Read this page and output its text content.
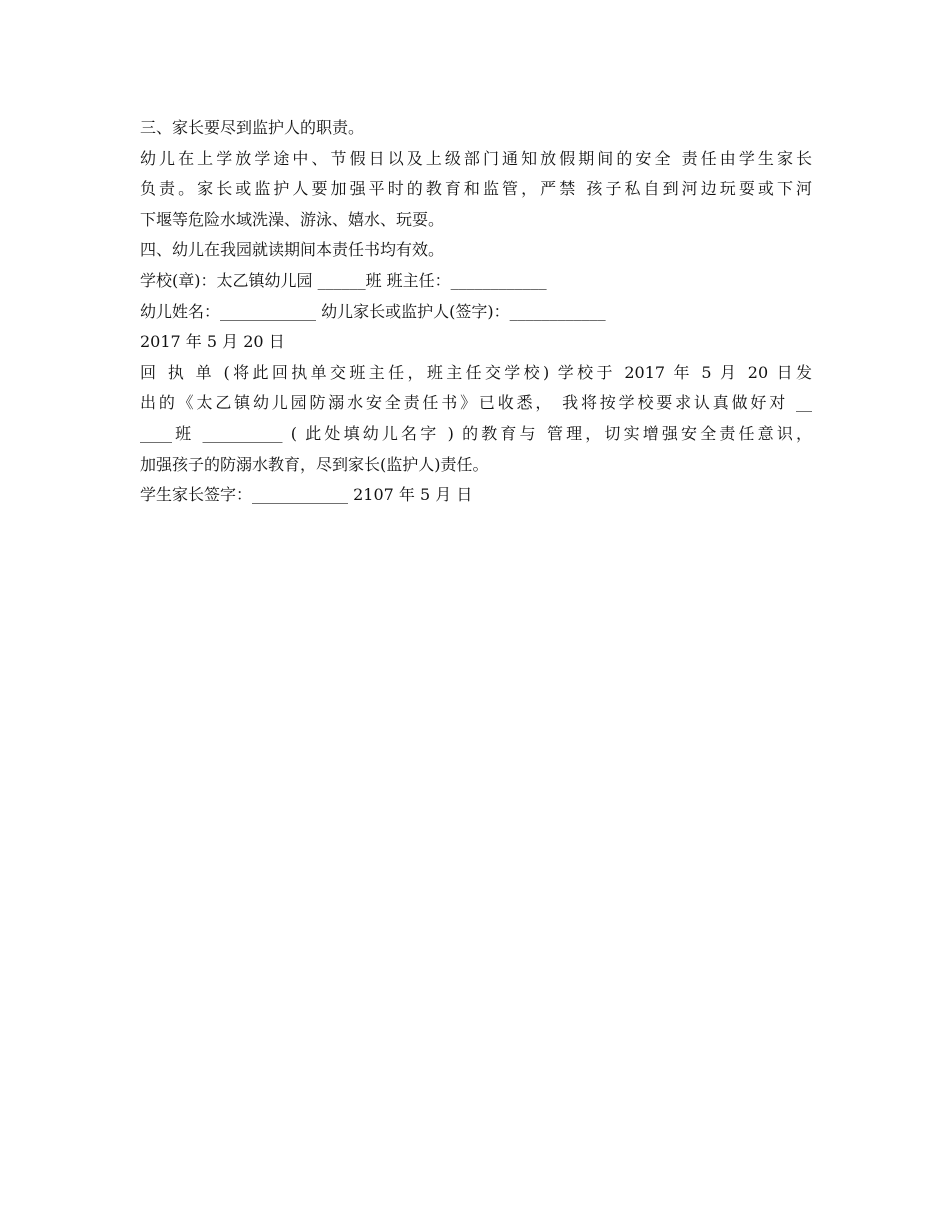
三、家长要尽到监护人的职责。
幼儿在上学放学途中、节假日以及上级部门通知放假期间的安全 责任由学生家长
负责。家长或监护人要加强平时的教育和监管，严禁 孩子私自到河边玩耍或下河
下堰等危险水域洗澡、游泳、嬉水、玩耍。
四、幼儿在我园就读期间本责任书均有效。
学校(章)：太乙镇幼儿园 ______班 班主任：____________
幼儿姓名：____________ 幼儿家长或监护人(签字)：____________
2017 年 5 月 20 日
回 执 单 (将此回执单交班主任，班主任交学校) 学校于 2017 年 5 月 20 日发
出的《太乙镇幼儿园防溺水安全责任书》已收悉， 我将按学校要求认真做好对 __
____班 __________ ( 此处填幼儿名字 ) 的教育与 管理，切实增强安全责任意识，
加强孩子的防溺水教育，尽到家长(监护人)责任。
学生家长签字：____________ 2107 年 5 月 日
